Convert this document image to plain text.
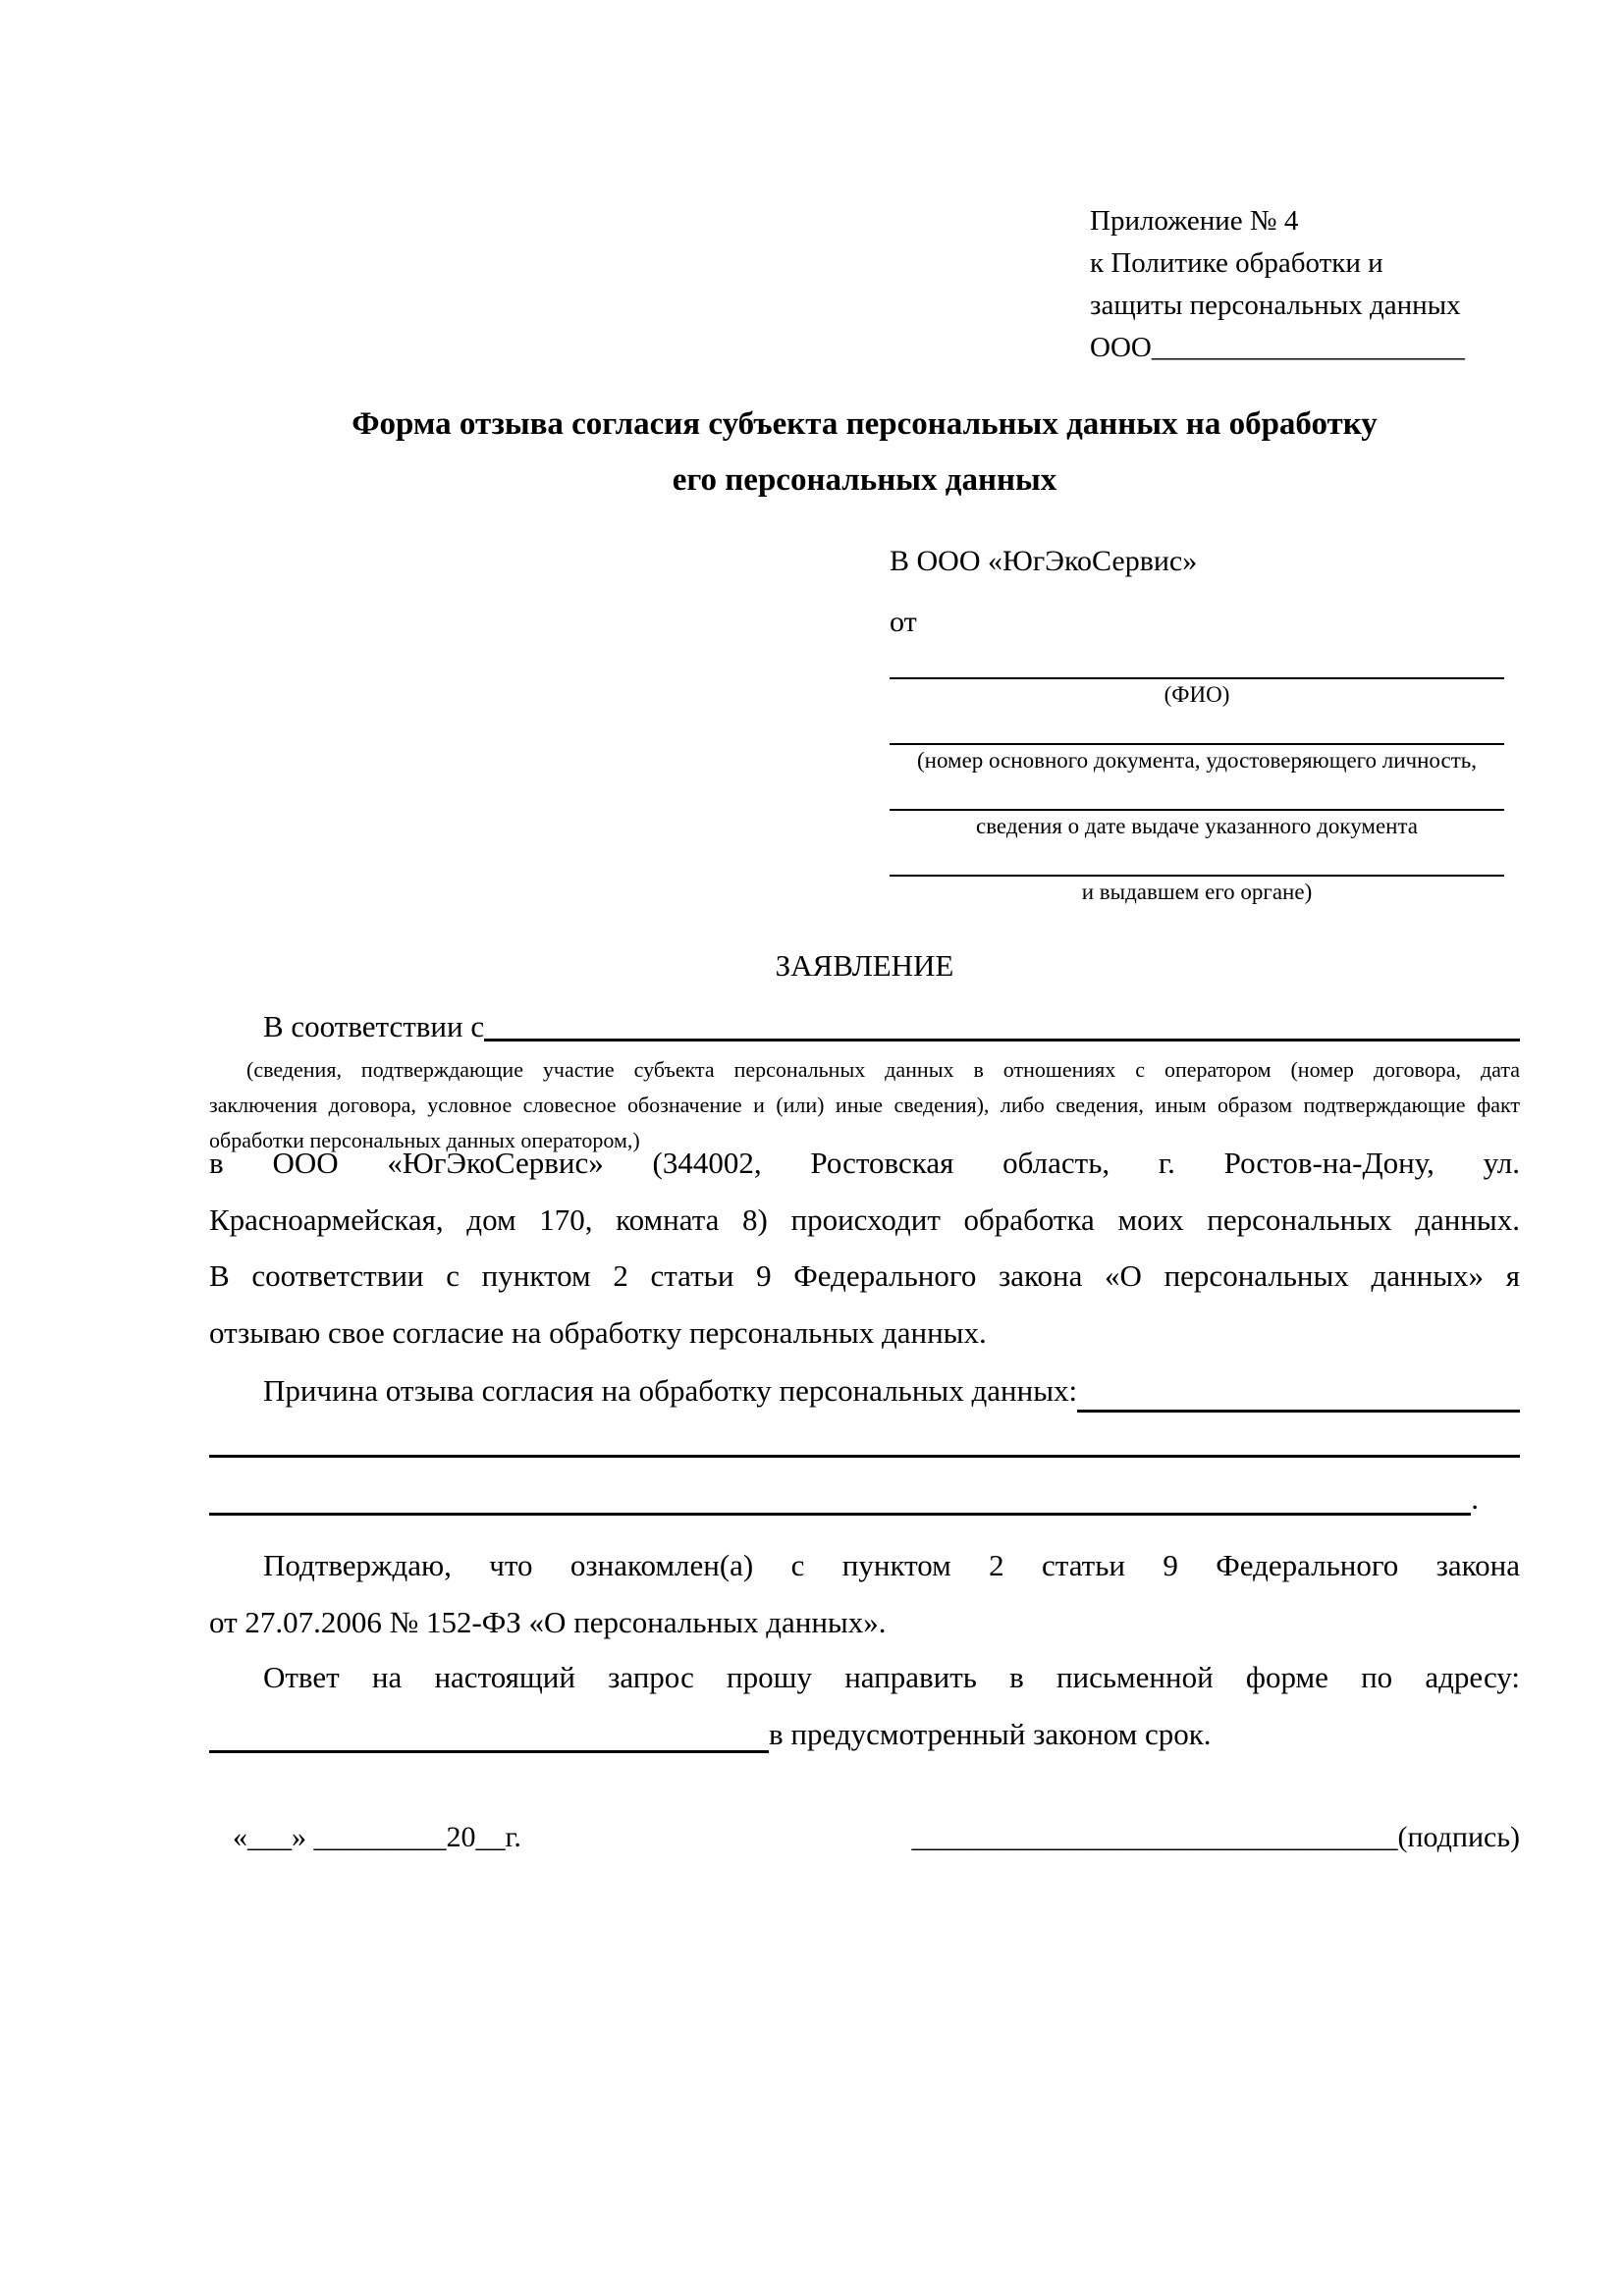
Приложение № 4
к Политике обработки и
защиты персональных данных
ООО______________________
Форма отзыва согласия субъекта персональных данных на обработку
его персональных данных
В ООО «ЮгЭкоСервис»
от
(ФИО)
(номер основного документа, удостоверяющего личность,
сведения о дате выдаче указанного документа
и выдавшем его органе)
ЗАЯВЛЕНИЕ
В соответствии с
(сведения, подтверждающие участие субъекта персональных данных в отношениях с оператором (номер договора, дата
заключения договора, условное словесное обозначение и (или) иные сведения), либо сведения, иным образом подтверждающие факт
обработки персональных данных оператором,)
в ООО «ЮгЭкоСервис» (344002, Ростовская область, г. Ростов-на-Дону, ул.
Красноармейская, дом 170, комната 8) происходит обработка моих персональных данных.
В соответствии с пунктом 2 статьи 9 Федерального закона «О персональных данных» я
отзываю свое согласие на обработку персональных данных.
Причина отзыва согласия на обработку персональных данных:
.
Подтверждаю, что ознакомлен(а) с пунктом 2 статьи 9 Федерального закона
от 27.07.2006 № 152-ФЗ «О персональных данных».
Ответ на настоящий запрос прошу направить в письменной форме по адресу:
в предусмотренный законом срок.
«___» _________20__г.	_________________________________(подпись)
